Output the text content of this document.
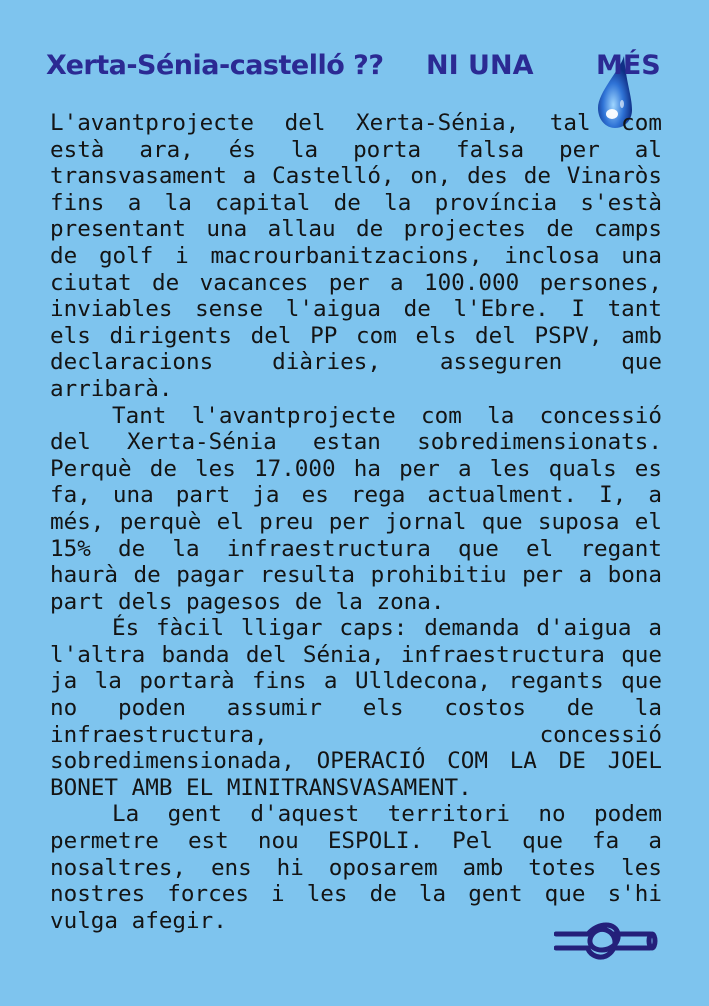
Xerta-Sénia-castelló ?? NI UNA MÉS

L'avantprojecte del Xerta-Sénia, tal com està ara, és la porta falsa per al transvasament a Castelló, on, des de Vinaròs fins a la capital de la província s'està presentant una allau de projectes de camps de golf i macrourbanitzacions, inclosa una ciutat de vacances per a 100.000 persones, inviables sense l'aigua de l'Ebre. I tant els dirigents del PP com els del PSPV, amb declaracions diàries, asseguren que arribarà.

Tant l'avantprojecte com la concessió del Xerta-Sénia estan sobredimensionats. Perquè de les 17.000 ha per a les quals es fa, una part ja es rega actualment. I, a més, perquè el preu per jornal que suposa el 15% de la infraestructura que el regant haurà de pagar resulta prohibitiu per a bona part dels pagesos de la zona.

És fàcil lligar caps: demanda d'aigua a l'altra banda del Sénia, infraestructura que ja la portarà fins a Ulldecona, regants que no poden assumir els costos de la infraestructura, concessió sobredimensionada, OPERACIÓ COM LA DE JOEL BONET AMB EL MINITRANSVASAMENT.

La gent d'aquest territori no podem permetre est nou ESPOLI. Pel que fa a nosaltres, ens hi oposarem amb totes les nostres forces i les de la gent que s'hi vulga afegir.
